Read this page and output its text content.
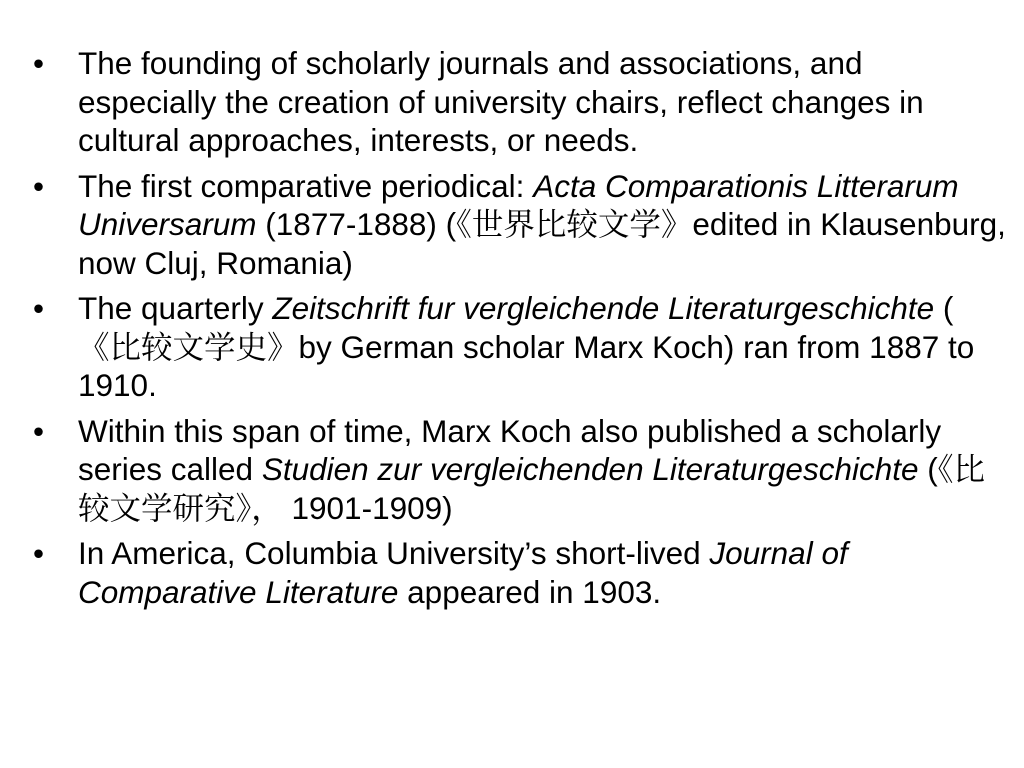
• The founding of scholarly journals and associations, and especially the creation of university chairs, reflect changes in cultural approaches, interests, or needs.
• The first comparative periodical: Acta Comparationis Litterarum Universarum (1877-1888) (《世界比较文学》edited in Klausenburg, now Cluj, Romania)
• The quarterly Zeitschrift fur vergleichende Literaturgeschichte ( 《比较文学史》by German scholar Marx Koch) ran from 1887 to 1910.
• Within this span of time, Marx Koch also published a scholarly series called Studien zur vergleichenden Literaturgeschichte (《比较文学研究》， 1901-1909)
• In America, Columbia University’s short-lived Journal of Comparative Literature appeared in 1903.
